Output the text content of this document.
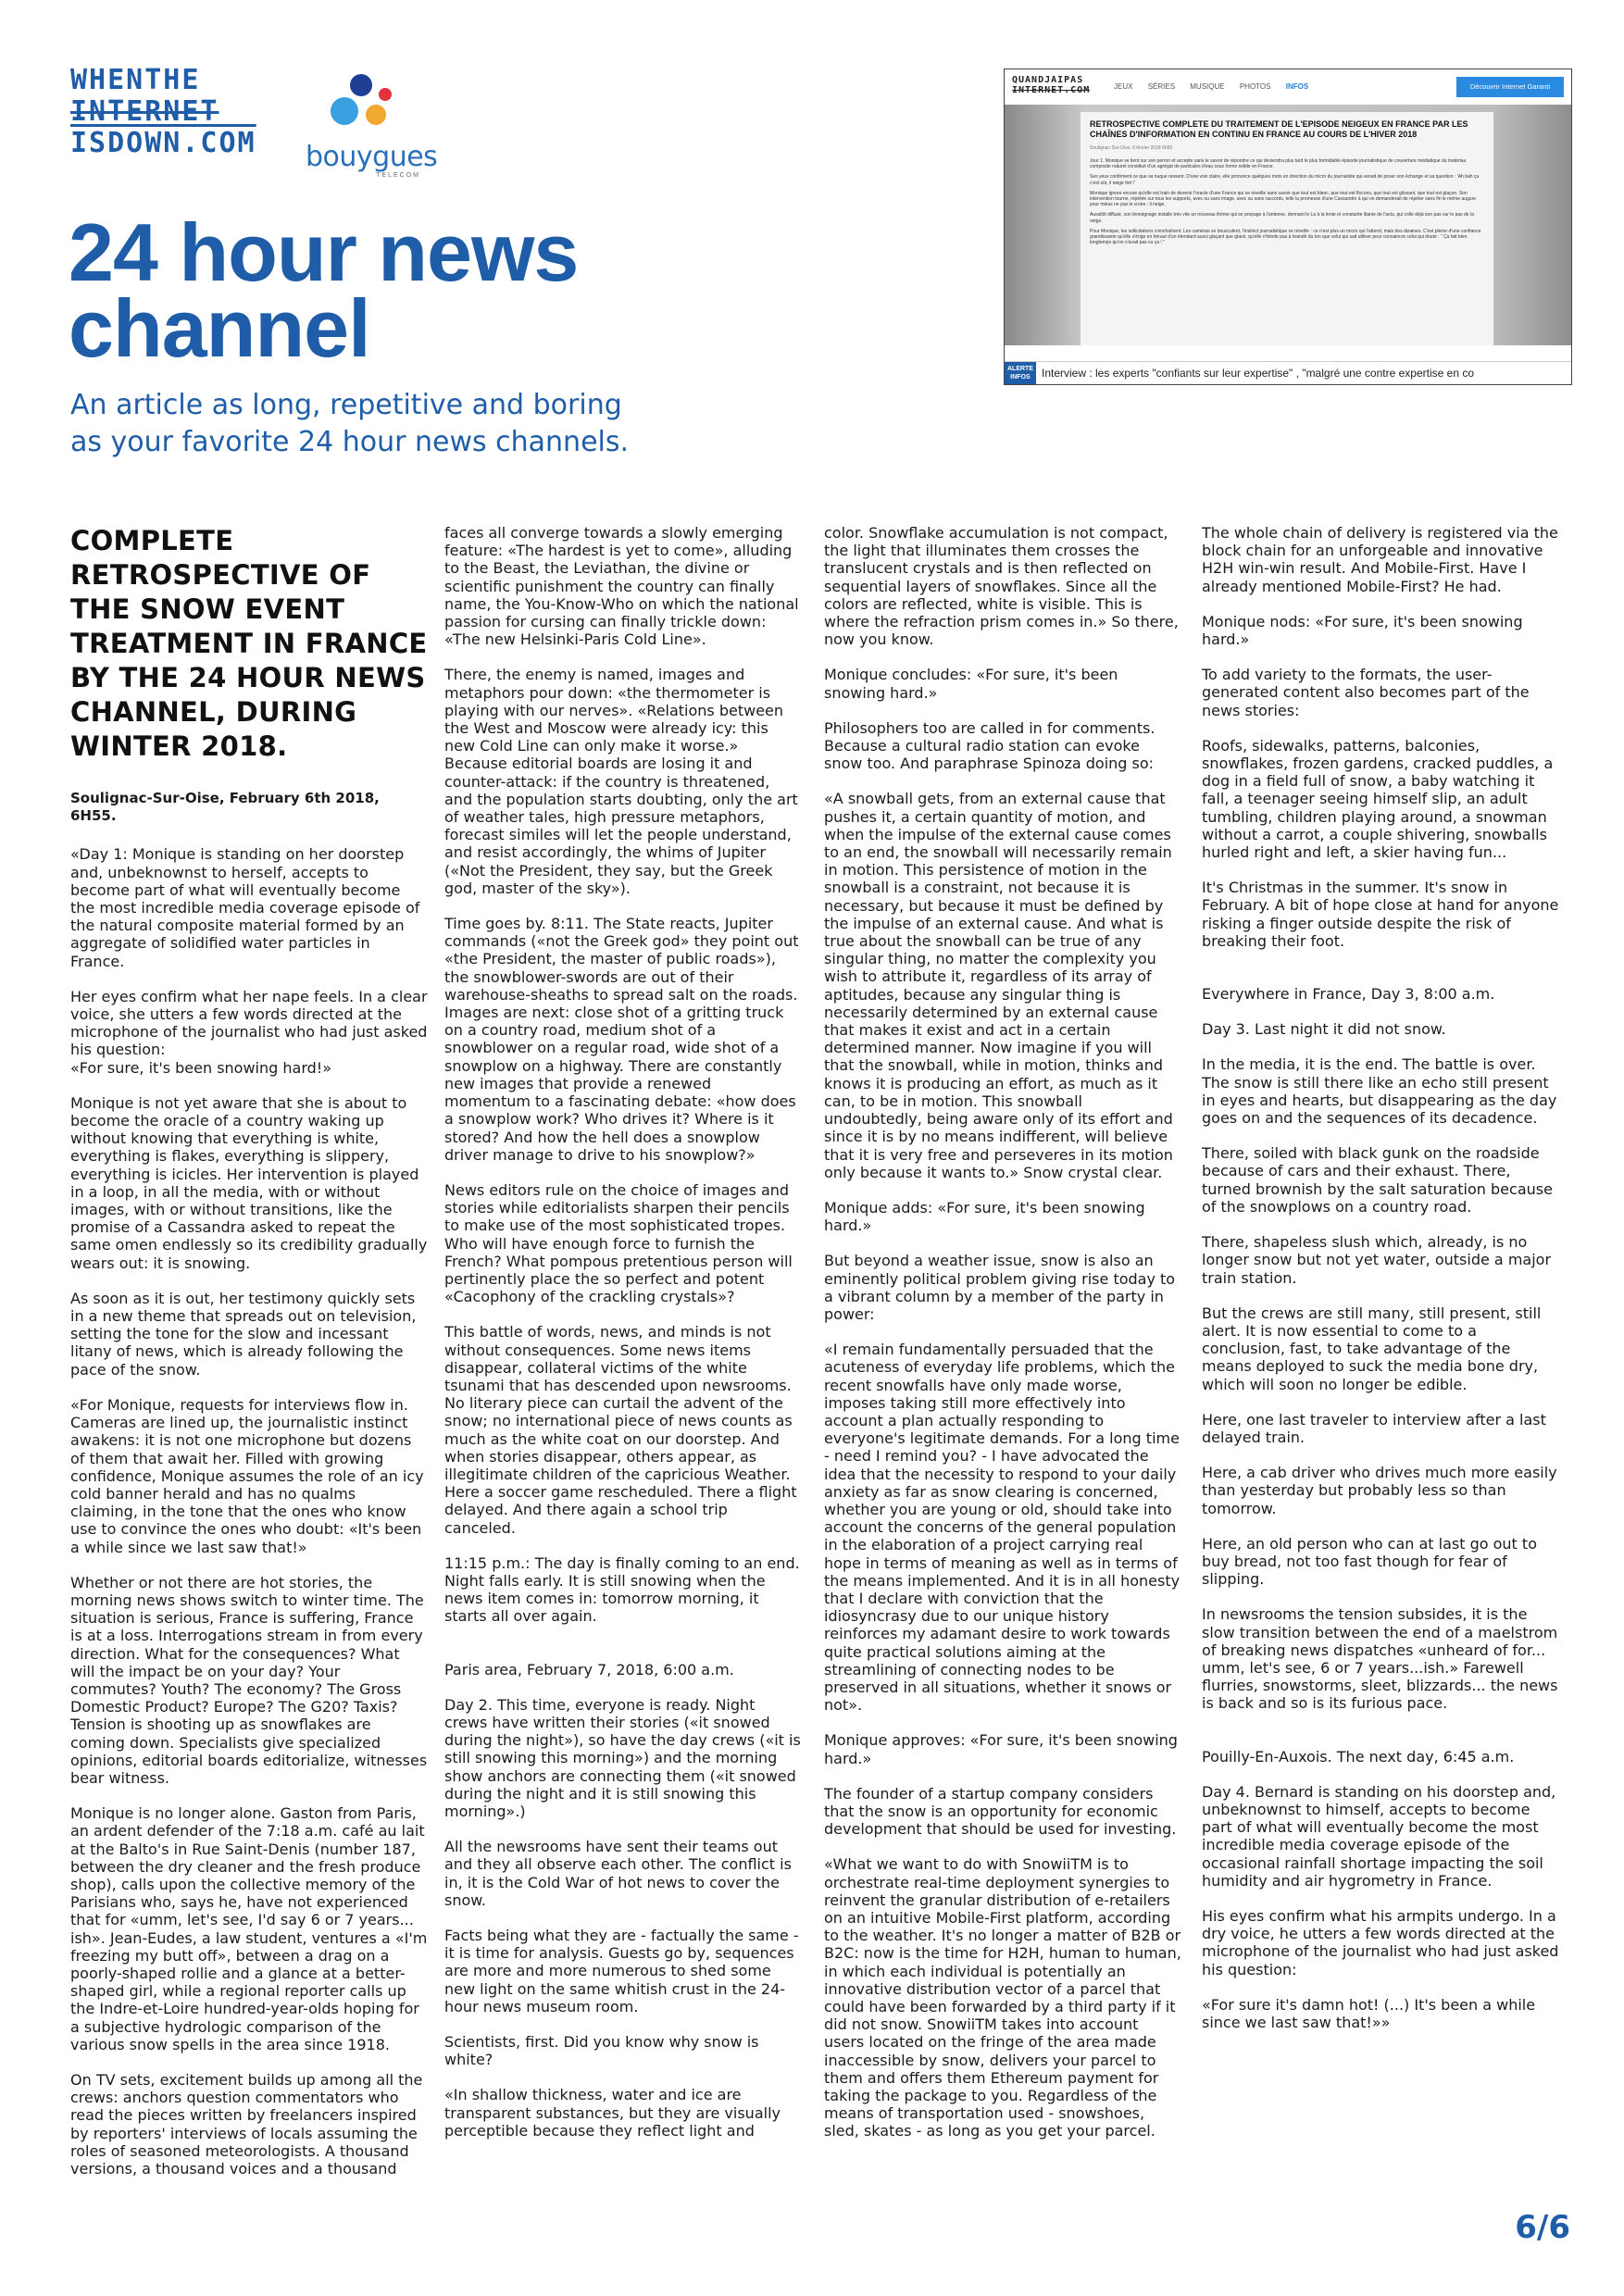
WHENTHE
INTERNET
ISDOWN.COM bouygues
TELECOM
24 hour news channel
An article as long, repetitive and boring as your favorite 24 hour news channels.
QUANDJAIPAS
INTERNET.COM	JEUX SÉRIES MUSIQUE PHOTOS INFOS	Découvrir Internet Garanti
RETROSPECTIVE COMPLETE DU TRAITEMENT DE L'EPISODE NEIGEUX EN FRANCE PAR LES CHAÎNES D'INFORMATION EN CONTINU EN FRANCE AU COURS DE L'HIVER 2018
Soulignac-Sur-Oise, 6 février 2018 6h55

Jour 1. Monique se tient sur son perron et accepte sans le savoir de répondre ce qui deviendra plus tard le plus formidable épisode journalistique de couverture médiatique du matériau composite naturel constitué d'un agrégat de particules d'eau sous forme solide en France.

Ses yeux confirment ce que sa nuque ressent. D'une voix claire, elle prononce quelques mots en direction du micro du journaliste qui venait de poser son échange et sa question : 'Ah bah ça c'est sûr, il neige fort !'

Monique ignore encore qu'elle est train de devenir l'oracle d'une France qui se réveille sans savoir que tout est blanc, que tout est flocons, que tout est glissant, que tout est glaçon. Son intervention tourne, répétée sur tous les supports, avec ou sans image, avec ou sans raccords, telle la promesse d'une Cassandre à qui on demanderait de répéter sans fin le même augure pour mieux ne pas le croire : il neige.

Aussitôt diffusé, son témoignage installe très vite un nouveau thème qui se propage à l'antenne, donnant le La à la lente et constante litanie de l'actu, qui colle déjà son pas sur le pas de la neige.

Pour Monique, les sollicitations s'enchaînent. Les caméras se bousculent, l'instinct journalistique se réveille : ce n'est plus un micro qui l'attend, mais des dizaines. C'est pleine d'une confiance grandissante qu'elle s'érige en héraut d'un étendard aussi glaçant que glacé, qu'elle n'hésite pas à brandir du ton que celui qui sait utiliser pour convaincre celui qui doute : " Ça fait bien longtemps qu'on n'avait pas vu ça ! "

ALERTE INFOS	Interview : les experts "confiants sur leur expertise" , "malgré une contre expertise en co
COMPLETE RETROSPECTIVE OF THE SNOW EVENT TREATMENT IN FRANCE BY THE 24 HOUR NEWS CHANNEL, DURING WINTER 2018.

Soulignac-Sur-Oise, February 6th 2018, 6H55.

«Day 1: Monique is standing on her doorstep and, unbeknownst to herself, accepts to become part of what will eventually become the most incredible media coverage episode of the natural composite material formed by an aggregate of solidified water particles in France.

Her eyes confirm what her nape feels. In a clear voice, she utters a few words directed at the microphone of the journalist who had just asked his question:
«For sure, it's been snowing hard!»

Monique is not yet aware that she is about to become the oracle of a country waking up without knowing that everything is white, everything is flakes, everything is slippery, everything is icicles. Her intervention is played in a loop, in all the media, with or without images, with or without transitions, like the promise of a Cassandra asked to repeat the same omen endlessly so its credibility gradually wears out: it is snowing.

As soon as it is out, her testimony quickly sets in a new theme that spreads out on television, setting the tone for the slow and incessant litany of news, which is already following the pace of the snow.

«For Monique, requests for interviews flow in. Cameras are lined up, the journalistic instinct awakens: it is not one microphone but dozens of them that await her. Filled with growing confidence, Monique assumes the role of an icy cold banner herald and has no qualms claiming, in the tone that the ones who know use to convince the ones who doubt: «It's been a while since we last saw that!»

Whether or not there are hot stories, the morning news shows switch to winter time. The situation is serious, France is suffering, France is at a loss. Interrogations stream in from every direction. What for the consequences? What will the impact be on your day? Your commutes? Youth? The economy? The Gross Domestic Product? Europe? The G20? Taxis? Tension is shooting up as snowflakes are coming down. Specialists give specialized opinions, editorial boards editorialize, witnesses bear witness.

Monique is no longer alone. Gaston from Paris, an ardent defender of the 7:18 a.m. café au lait at the Balto's in Rue Saint-Denis (number 187, between the dry cleaner and the fresh produce shop), calls upon the collective memory of the Parisians who, says he, have not experienced that for «umm, let's see, I'd say 6 or 7 years... ish». Jean-Eudes, a law student, ventures a «I'm freezing my butt off», between a drag on a poorly-shaped rollie and a glance at a better-shaped girl, while a regional reporter calls up the Indre-et-Loire hundred-year-olds hoping for a subjective hydrologic comparison of the various snow spells in the area since 1918.

On TV sets, excitement builds up among all the crews: anchors question commentators who read the pieces written by freelancers inspired by reporters' interviews of locals assuming the roles of seasoned meteorologists. A thousand versions, a thousand voices and a thousand

faces all converge towards a slowly emerging feature: «The hardest is yet to come», alluding to the Beast, the Leviathan, the divine or scientific punishment the country can finally name, the You-Know-Who on which the national passion for cursing can finally trickle down: «The new Helsinki-Paris Cold Line».

There, the enemy is named, images and metaphors pour down: «the thermometer is playing with our nerves». «Relations between the West and Moscow were already icy: this new Cold Line can only make it worse.» Because editorial boards are losing it and counter-attack: if the country is threatened, and the population starts doubting, only the art of weather tales, high pressure metaphors, forecast similes will let the people understand, and resist accordingly, the whims of Jupiter («Not the President, they say, but the Greek god, master of the sky»).

Time goes by. 8:11. The State reacts, Jupiter commands («not the Greek god» they point out «the President, the master of public roads»), the snowblower-swords are out of their warehouse-sheaths to spread salt on the roads. Images are next: close shot of a gritting truck on a country road, medium shot of a snowblower on a regular road, wide shot of a snowplow on a highway. There are constantly new images that provide a renewed momentum to a fascinating debate: «how does a snowplow work? Who drives it? Where is it stored? And how the hell does a snowplow driver manage to drive to his snowplow?»

News editors rule on the choice of images and stories while editorialists sharpen their pencils to make use of the most sophisticated tropes. Who will have enough force to furnish the French? What pompous pretentious person will pertinently place the so perfect and potent «Cacophony of the crackling crystals»?

This battle of words, news, and minds is not without consequences. Some news items disappear, collateral victims of the white tsunami that has descended upon newsrooms. No literary piece can curtail the advent of the snow; no international piece of news counts as much as the white coat on our doorstep. And when stories disappear, others appear, as illegitimate children of the capricious Weather. Here a soccer game rescheduled. There a flight delayed. And there again a school trip canceled.

11:15 p.m.: The day is finally coming to an end. Night falls early. It is still snowing when the news item comes in: tomorrow morning, it starts all over again.

Paris area, February 7, 2018, 6:00 a.m.

Day 2. This time, everyone is ready. Night crews have written their stories («it snowed during the night»), so have the day crews («it is still snowing this morning») and the morning show anchors are connecting them («it snowed during the night and it is still snowing this morning».)

All the newsrooms have sent their teams out and they all observe each other. The conflict is in, it is the Cold War of hot news to cover the snow.

Facts being what they are - factually the same - it is time for analysis. Guests go by, sequences are more and more numerous to shed some new light on the same whitish crust in the 24-hour news museum room.

Scientists, first. Did you know why snow is white?

«In shallow thickness, water and ice are transparent substances, but they are visually perceptible because they reflect light and

color. Snowflake accumulation is not compact, the light that illuminates them crosses the translucent crystals and is then reflected on sequential layers of snowflakes. Since all the colors are reflected, white is visible. This is where the refraction prism comes in.» So there, now you know.

Monique concludes: «For sure, it's been snowing hard.»

Philosophers too are called in for comments. Because a cultural radio station can evoke snow too. And paraphrase Spinoza doing so:

«A snowball gets, from an external cause that pushes it, a certain quantity of motion, and when the impulse of the external cause comes to an end, the snowball will necessarily remain in motion. This persistence of motion in the snowball is a constraint, not because it is necessary, but because it must be defined by the impulse of an external cause. And what is true about the snowball can be true of any singular thing, no matter the complexity you wish to attribute it, regardless of its array of aptitudes, because any singular thing is necessarily determined by an external cause that makes it exist and act in a certain determined manner. Now imagine if you will that the snowball, while in motion, thinks and knows it is producing an effort, as much as it can, to be in motion. This snowball undoubtedly, being aware only of its effort and since it is by no means indifferent, will believe that it is very free and perseveres in its motion only because it wants to.» Snow crystal clear.

Monique adds: «For sure, it's been snowing hard.»

But beyond a weather issue, snow is also an eminently political problem giving rise today to a vibrant column by a member of the party in power:

«I remain fundamentally persuaded that the acuteness of everyday life problems, which the recent snowfalls have only made worse, imposes taking still more effectively into account a plan actually responding to everyone's legitimate demands. For a long time - need I remind you? - I have advocated the idea that the necessity to respond to your daily anxiety as far as snow clearing is concerned, whether you are young or old, should take into account the concerns of the general population in the elaboration of a project carrying real hope in terms of meaning as well as in terms of the means implemented. And it is in all honesty that I declare with conviction that the idiosyncrasy due to our unique history reinforces my adamant desire to work towards quite practical solutions aiming at the streamlining of connecting nodes to be preserved in all situations, whether it snows or not».

Monique approves: «For sure, it's been snowing hard.»

The founder of a startup company considers that the snow is an opportunity for economic development that should be used for investing.

«What we want to do with SnowiiTM is to orchestrate real-time deployment synergies to reinvent the granular distribution of e-retailers on an intuitive Mobile-First platform, according to the weather. It's no longer a matter of B2B or B2C: now is the time for H2H, human to human, in which each individual is potentially an innovative distribution vector of a parcel that could have been forwarded by a third party if it did not snow. SnowiiTM takes into account users located on the fringe of the area made inaccessible by snow, delivers your parcel to them and offers them Ethereum payment for taking the package to you. Regardless of the means of transportation used - snowshoes, sled, skates - as long as you get your parcel.

The whole chain of delivery is registered via the block chain for an unforgeable and innovative H2H win-win result. And Mobile-First. Have I already mentioned Mobile-First? He had.

Monique nods: «For sure, it's been snowing hard.»

To add variety to the formats, the user-generated content also becomes part of the news stories:

Roofs, sidewalks, patterns, balconies, snowflakes, frozen gardens, cracked puddles, a dog in a field full of snow, a baby watching it fall, a teenager seeing himself slip, an adult tumbling, children playing around, a snowman without a carrot, a couple shivering, snowballs hurled right and left, a skier having fun...

It's Christmas in the summer. It's snow in February. A bit of hope close at hand for anyone risking a finger outside despite the risk of breaking their foot.

Everywhere in France, Day 3, 8:00 a.m.

Day 3. Last night it did not snow.

In the media, it is the end. The battle is over. The snow is still there like an echo still present in eyes and hearts, but disappearing as the day goes on and the sequences of its decadence.

There, soiled with black gunk on the roadside because of cars and their exhaust. There, turned brownish by the salt saturation because of the snowplows on a country road.

There, shapeless slush which, already, is no longer snow but not yet water, outside a major train station.

But the crews are still many, still present, still alert. It is now essential to come to a conclusion, fast, to take advantage of the means deployed to suck the media bone dry, which will soon no longer be edible.

Here, one last traveler to interview after a last delayed train.

Here, a cab driver who drives much more easily than yesterday but probably less so than tomorrow.

Here, an old person who can at last go out to buy bread, not too fast though for fear of slipping.

In newsrooms the tension subsides, it is the slow transition between the end of a maelstrom of breaking news dispatches «unheard of for... umm, let's see, 6 or 7 years...ish.» Farewell flurries, snowstorms, sleet, blizzards... the news is back and so is its furious pace.

Pouilly-En-Auxois. The next day, 6:45 a.m.

Day 4. Bernard is standing on his doorstep and, unbeknownst to himself, accepts to become part of what will eventually become the most incredible media coverage episode of the occasional rainfall shortage impacting the soil humidity and air hygrometry in France.

His eyes confirm what his armpits undergo. In a dry voice, he utters a few words directed at the microphone of the journalist who had just asked his question:

«For sure it's damn hot! (...) It's been a while since we last saw that!»»

6/6
